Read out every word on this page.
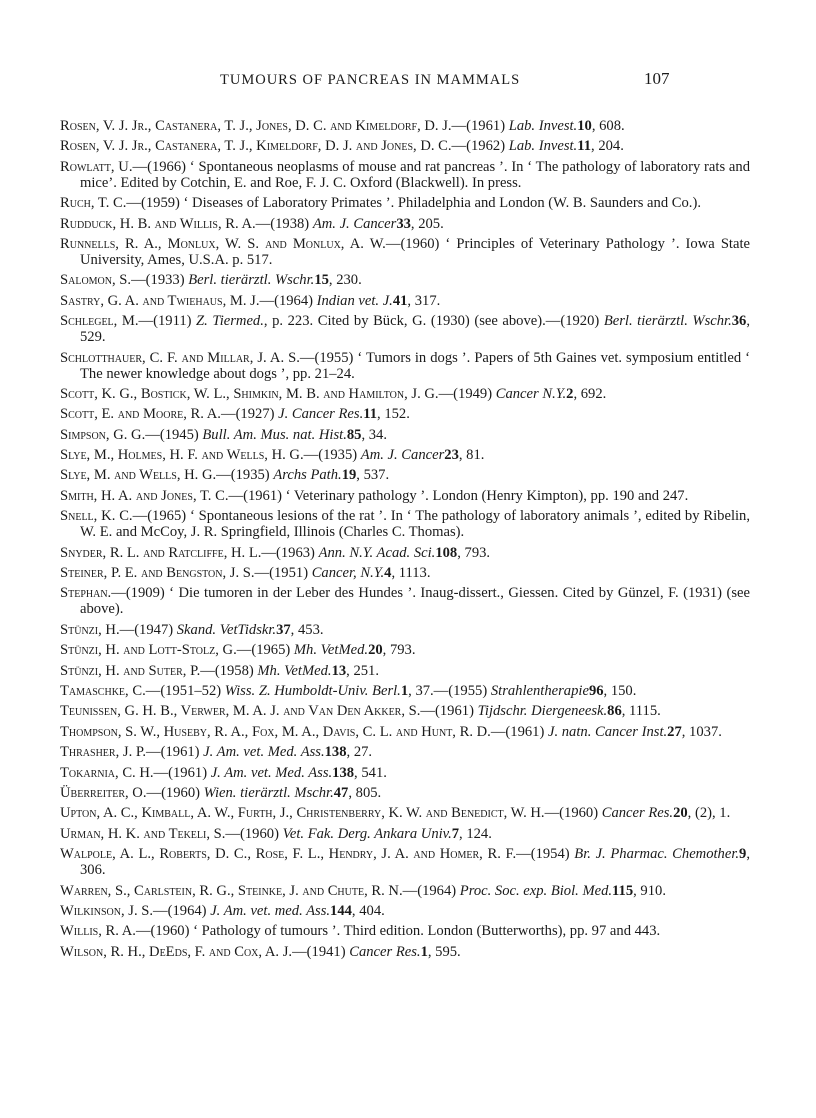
TUMOURS OF PANCREAS IN MAMMALS	107

Rosen, V. J. Jr., Castanera, T. J., Jones, D. C. and Kimeldorf, D. J.—(1961) Lab. Invest.10, 608.

Rosen, V. J. Jr., Castanera, T. J., Kimeldorf, D. J. and Jones, D. C.—(1962) Lab. Invest.11, 204.

Rowlatt, U.—(1966) ‘ Spontaneous neoplasms of mouse and rat pancreas ’. In ‘ The pathology of laboratory rats and mice’. Edited by Cotchin, E. and Roe, F. J. C. Oxford (Blackwell). In press.

Ruch, T. C.—(1959) ‘ Diseases of Laboratory Primates ’. Philadelphia and London (W. B. Saunders and Co.).

Rudduck, H. B. and Willis, R. A.—(1938) Am. J. Cancer33, 205.

Runnells, R. A., Monlux, W. S. and Monlux, A. W.—(1960) ‘ Principles of Veterinary Pathology ’. Iowa State University, Ames, U.S.A. p. 517.

Salomon, S.—(1933) Berl. tierärztl. Wschr.15, 230.

Sastry, G. A. and Twiehaus, M. J.—(1964) Indian vet. J.41, 317.

Schlegel, M.—(1911) Z. Tiermed., p. 223. Cited by Bück, G. (1930) (see above).—(1920) Berl. tierärztl. Wschr.36, 529.

Schlotthauer, C. F. and Millar, J. A. S.—(1955) ‘ Tumors in dogs ’. Papers of 5th Gaines vet. symposium entitled ‘ The newer knowledge about dogs ’, pp. 21–24.

Scott, K. G., Bostick, W. L., Shimkin, M. B. and Hamilton, J. G.—(1949) Cancer N.Y.2, 692.

Scott, E. and Moore, R. A.—(1927) J. Cancer Res.11, 152.

Simpson, G. G.—(1945) Bull. Am. Mus. nat. Hist.85, 34.

Slye, M., Holmes, H. F. and Wells, H. G.—(1935) Am. J. Cancer23, 81.

Slye, M. and Wells, H. G.—(1935) Archs Path.19, 537.

Smith, H. A. and Jones, T. C.—(1961) ‘ Veterinary pathology ’. London (Henry Kimpton), pp. 190 and 247.

Snell, K. C.—(1965) ‘ Spontaneous lesions of the rat ’. In ‘ The pathology of laboratory animals ’, edited by Ribelin, W. E. and McCoy, J. R. Springfield, Illinois (Charles C. Thomas).

Snyder, R. L. and Ratcliffe, H. L.—(1963) Ann. N.Y. Acad. Sci.108, 793.

Steiner, P. E. and Bengston, J. S.—(1951) Cancer, N.Y.4, 1113.

Stephan.—(1909) ‘ Die tumoren in der Leber des Hundes ’. Inaug-dissert., Giessen. Cited by Günzel, F. (1931) (see above).

Stünzi, H.—(1947) Skand. VetTidskr.37, 453.

Stünzi, H. and Lott-Stolz, G.—(1965) Mh. VetMed.20, 793.

Stünzi, H. and Suter, P.—(1958) Mh. VetMed.13, 251.

Tamaschke, C.—(1951–52) Wiss. Z. Humboldt-Univ. Berl.1, 37.—(1955) Strahlentherapie96, 150.

Teunissen, G. H. B., Verwer, M. A. J. and Van Den Akker, S.—(1961) Tijdschr. Diergeneesk.86, 1115.

Thompson, S. W., Huseby, R. A., Fox, M. A., Davis, C. L. and Hunt, R. D.—(1961) J. natn. Cancer Inst.27, 1037.

Thrasher, J. P.—(1961) J. Am. vet. Med. Ass.138, 27.

Tokarnia, C. H.—(1961) J. Am. vet. Med. Ass.138, 541.

Überreiter, O.—(1960) Wien. tierärztl. Mschr.47, 805.

Upton, A. C., Kimball, A. W., Furth, J., Christenberry, K. W. and Benedict, W. H.—(1960) Cancer Res.20, (2), 1.

Urman, H. K. and Tekeli, S.—(1960) Vet. Fak. Derg. Ankara Univ.7, 124.

Walpole, A. L., Roberts, D. C., Rose, F. L., Hendry, J. A. and Homer, R. F.—(1954) Br. J. Pharmac. Chemother.9, 306.

Warren, S., Carlstein, R. G., Steinke, J. and Chute, R. N.—(1964) Proc. Soc. exp. Biol. Med.115, 910.

Wilkinson, J. S.—(1964) J. Am. vet. med. Ass.144, 404.

Willis, R. A.—(1960) ‘ Pathology of tumours ’. Third edition. London (Butterworths), pp. 97 and 443.

Wilson, R. H., DeEds, F. and Cox, A. J.—(1941) Cancer Res.1, 595.
